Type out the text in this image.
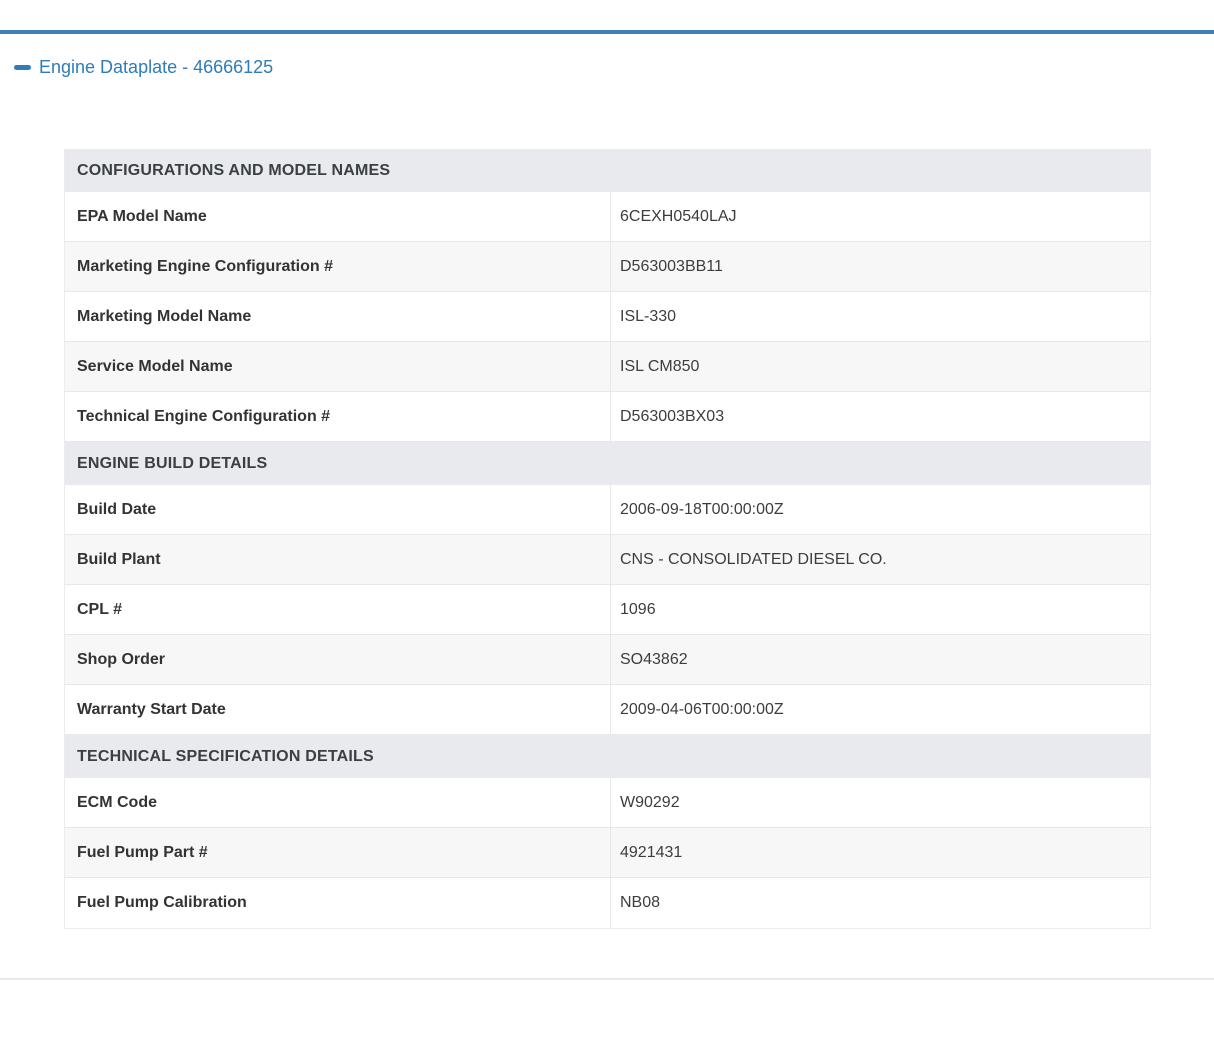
Engine Dataplate - 46666125
CONFIGURATIONS AND MODEL NAMES
EPA Model Name	6CEXH0540LAJ
Marketing Engine Configuration #	D563003BB11
Marketing Model Name	ISL-330
Service Model Name	ISL CM850
Technical Engine Configuration #	D563003BX03
ENGINE BUILD DETAILS
Build Date	2006-09-18T00:00:00Z
Build Plant	CNS - CONSOLIDATED DIESEL CO.
CPL #	1096
Shop Order	SO43862
Warranty Start Date	2009-04-06T00:00:00Z
TECHNICAL SPECIFICATION DETAILS
ECM Code	W90292
Fuel Pump Part #	4921431
Fuel Pump Calibration	NB08
